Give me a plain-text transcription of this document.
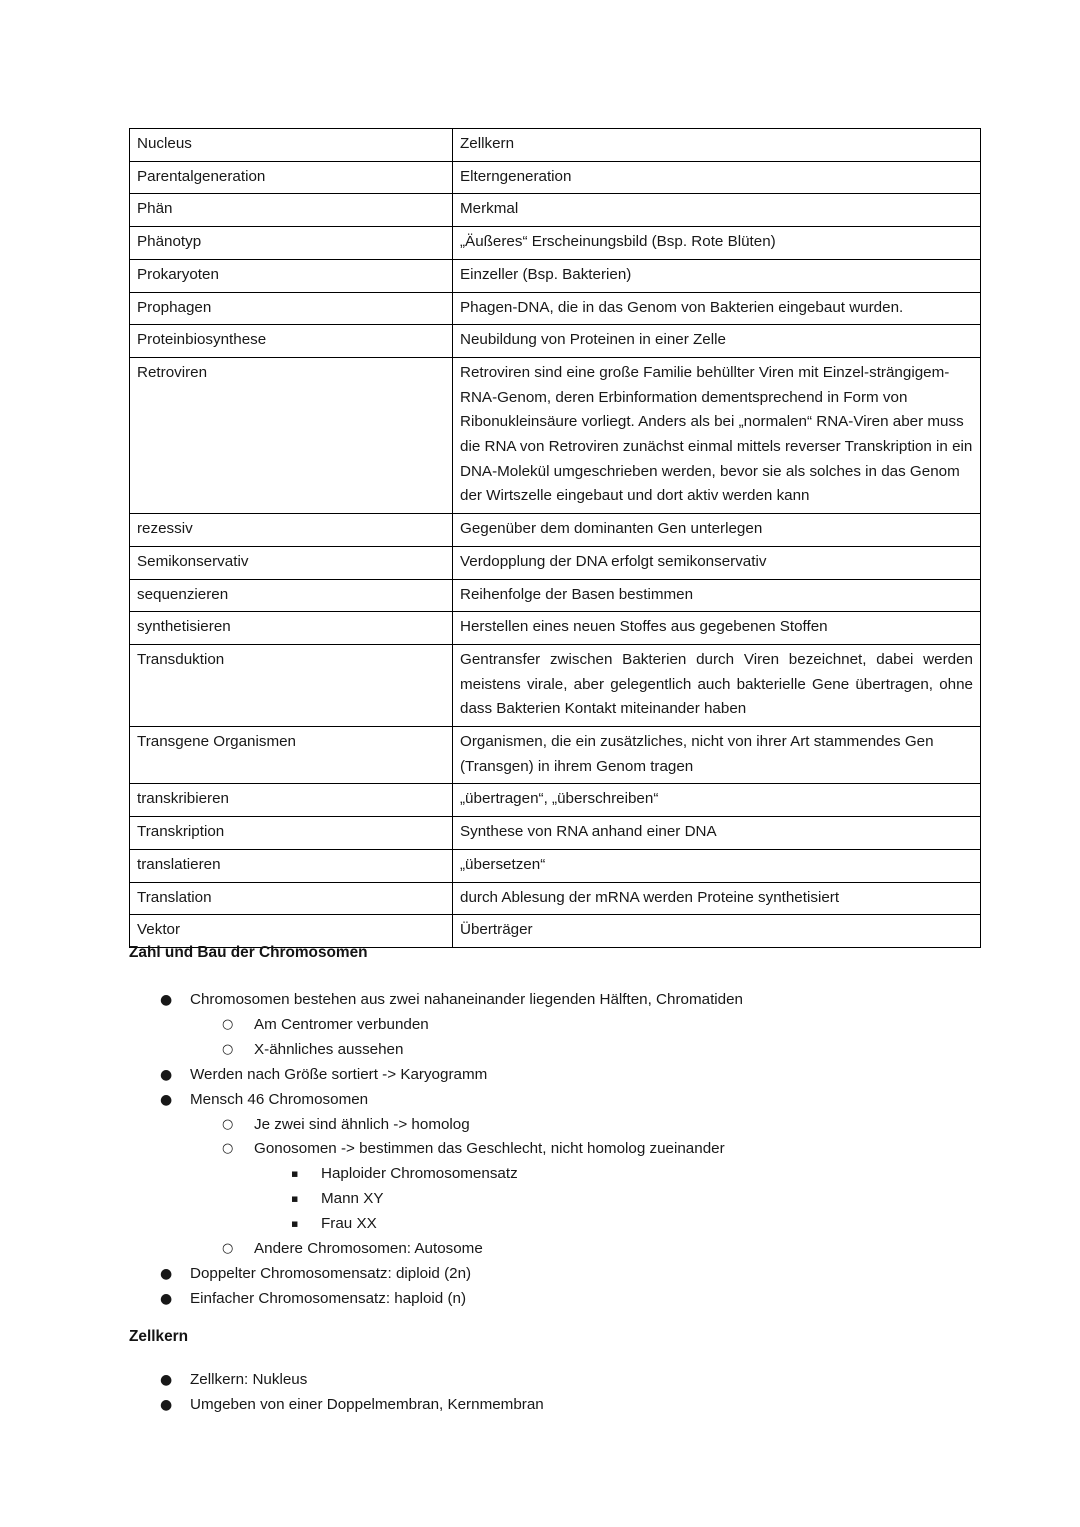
Nucleus	Zellkern
Parentalgeneration	Elterngeneration
Phän	Merkmal
Phänotyp	„Äußeres“ Erscheinungsbild (Bsp. Rote Blüten)
Prokaryoten	Einzeller (Bsp. Bakterien)
Prophagen	Phagen-DNA, die in das Genom von Bakterien eingebaut wurden.
Proteinbiosynthese	Neubildung von Proteinen in einer Zelle
Retroviren	Retroviren sind eine große Familie behüllter Viren mit Einzel-strängigem-RNA-Genom, deren Erbinformation dementsprechend in Form von Ribonukleinsäure vorliegt. Anders als bei „normalen“ RNA-Viren aber muss die RNA von Retroviren zunächst einmal mittels reverser Transkription in ein DNA-Molekül umgeschrieben werden, bevor sie als solches in das Genom der Wirtszelle eingebaut und dort aktiv werden kann
rezessiv	Gegenüber dem dominanten Gen unterlegen
Semikonservativ	Verdopplung der DNA erfolgt semikonservativ
sequenzieren	Reihenfolge der Basen bestimmen
synthetisieren	Herstellen eines neuen Stoffes aus gegebenen Stoffen
Transduktion	Gentransfer zwischen Bakterien durch Viren bezeichnet, dabei werden meistens virale, aber gelegentlich auch bakterielle Gene übertragen, ohne dass Bakterien Kontakt miteinander haben
Transgene Organismen	Organismen, die ein zusätzliches, nicht von ihrer Art stammendes Gen (Transgen) in ihrem Genom tragen
transkribieren	„übertragen“, „überschreiben“
Transkription	Synthese von RNA anhand einer DNA
translatieren	„übersetzen“
Translation	durch Ablesung der mRNA werden Proteine synthetisiert
Vektor	Überträger
Zahl und Bau der Chromosomen
● Chromosomen bestehen aus zwei nahaneinander liegenden Hälften, Chromatiden
○ Am Centromer verbunden
○ X-ähnliches aussehen
● Werden nach Größe sortiert -> Karyogramm
● Mensch 46 Chromosomen
○ Je zwei sind ähnlich -> homolog
○ Gonosomen -> bestimmen das Geschlecht, nicht homolog zueinander
▪ Haploider Chromosomensatz
▪ Mann XY
▪ Frau XX
○ Andere Chromosomen: Autosome
● Doppelter Chromosomensatz: diploid (2n)
● Einfacher Chromosomensatz: haploid (n)
Zellkern
● Zellkern: Nukleus
● Umgeben von einer Doppelmembran, Kernmembran
